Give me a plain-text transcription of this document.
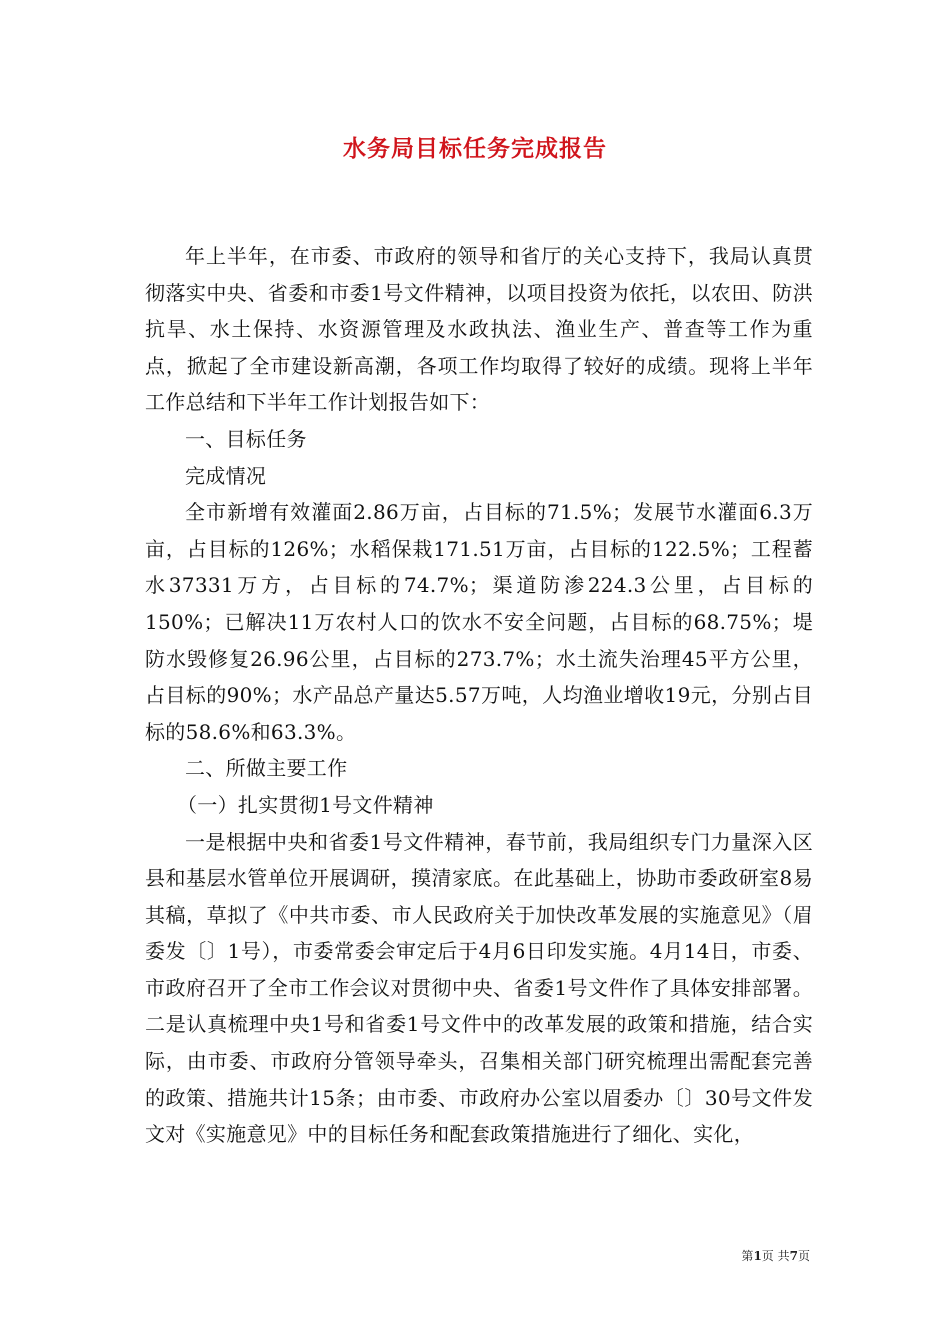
水务局目标任务完成报告

年上半年，在市委、市政府的领导和省厅的关心支持下，我局认真贯彻落实中央、省委和市委1号文件精神，以项目投资为依托，以农田、防洪抗旱、水土保持、水资源管理及水政执法、渔业生产、普查等工作为重点，掀起了全市建设新高潮，各项工作均取得了较好的成绩。现将上半年工作总结和下半年工作计划报告如下：

一、目标任务

完成情况

全市新增有效灌面2.86万亩，占目标的71.5%；发展节水灌面6.3万亩，占目标的126%；水稻保栽171.51万亩，占目标的122.5%；工程蓄水37331万方，占目标的74.7%；渠道防渗224.3公里，占目标的150%；已解决11万农村人口的饮水不安全问题，占目标的68.75%；堤防水毁修复26.96公里，占目标的273.7%；水土流失治理45平方公里，占目标的90%；水产品总产量达5.57万吨，人均渔业增收19元，分别占目标的58.6%和63.3%。

二、所做主要工作

（一）扎实贯彻1号文件精神

一是根据中央和省委1号文件精神，春节前，我局组织专门力量深入区县和基层水管单位开展调研，摸清家底。在此基础上，协助市委政研室8易其稿，草拟了《中共市委、市人民政府关于加快改革发展的实施意见》（眉委发〔〕1号），市委常委会审定后于4月6日印发实施。4月14日，市委、市政府召开了全市工作会议对贯彻中央、省委1号文件作了具体安排部署。二是认真梳理中央1号和省委1号文件中的改革发展的政策和措施，结合实际，由市委、市政府分管领导牵头，召集相关部门研究梳理出需配套完善的政策、措施共计15条；由市委、市政府办公室以眉委办〔〕30号文件发文对《实施意见》中的目标任务和配套政策措施进行了细化、实化，

第1页 共7页
